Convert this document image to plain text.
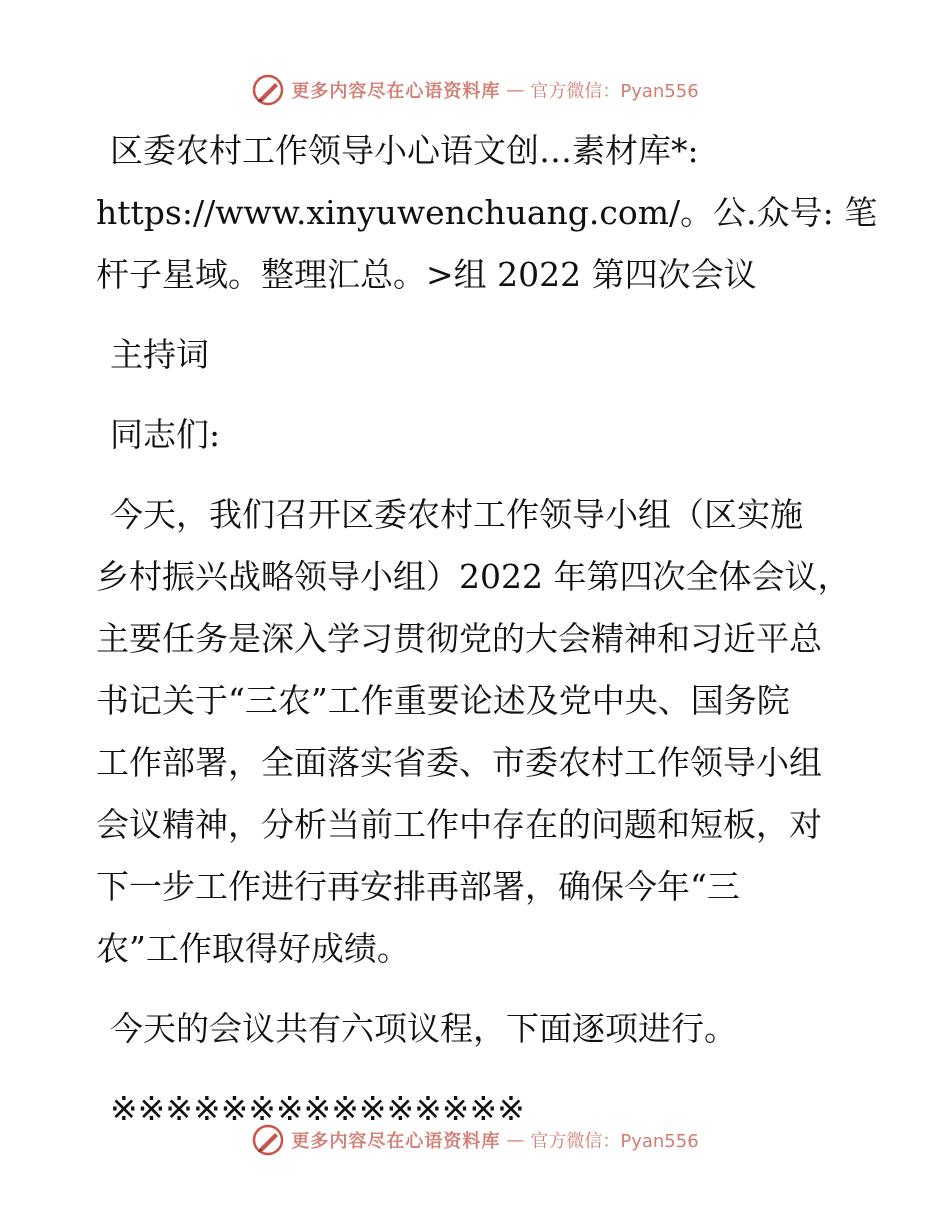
更多内容尽在心语资料库 — 官方微信：Pyan556
区委农村工作领导小心语文创…素材库*:
https://www.xinyuwenchuang.com/。公.众号: 笔
杆子星域。整理汇总。>组 2022 第四次会议
主持词
同志们:
今天，我们召开区委农村工作领导小组（区实施
乡村振兴战略领导小组）2022 年第四次全体会议，
主要任务是深入学习贯彻党的大会精神和习近平总
书记关于“三农”工作重要论述及党中央、国务院
工作部署，全面落实省委、市委农村工作领导小组
会议精神，分析当前工作中存在的问题和短板，对
下一步工作进行再安排再部署，确保今年“三
农”工作取得好成绩。
今天的会议共有六项议程，下面逐项进行。
※※※※※※※※※※※※※※※
更多内容尽在心语资料库 — 官方微信：Pyan556
